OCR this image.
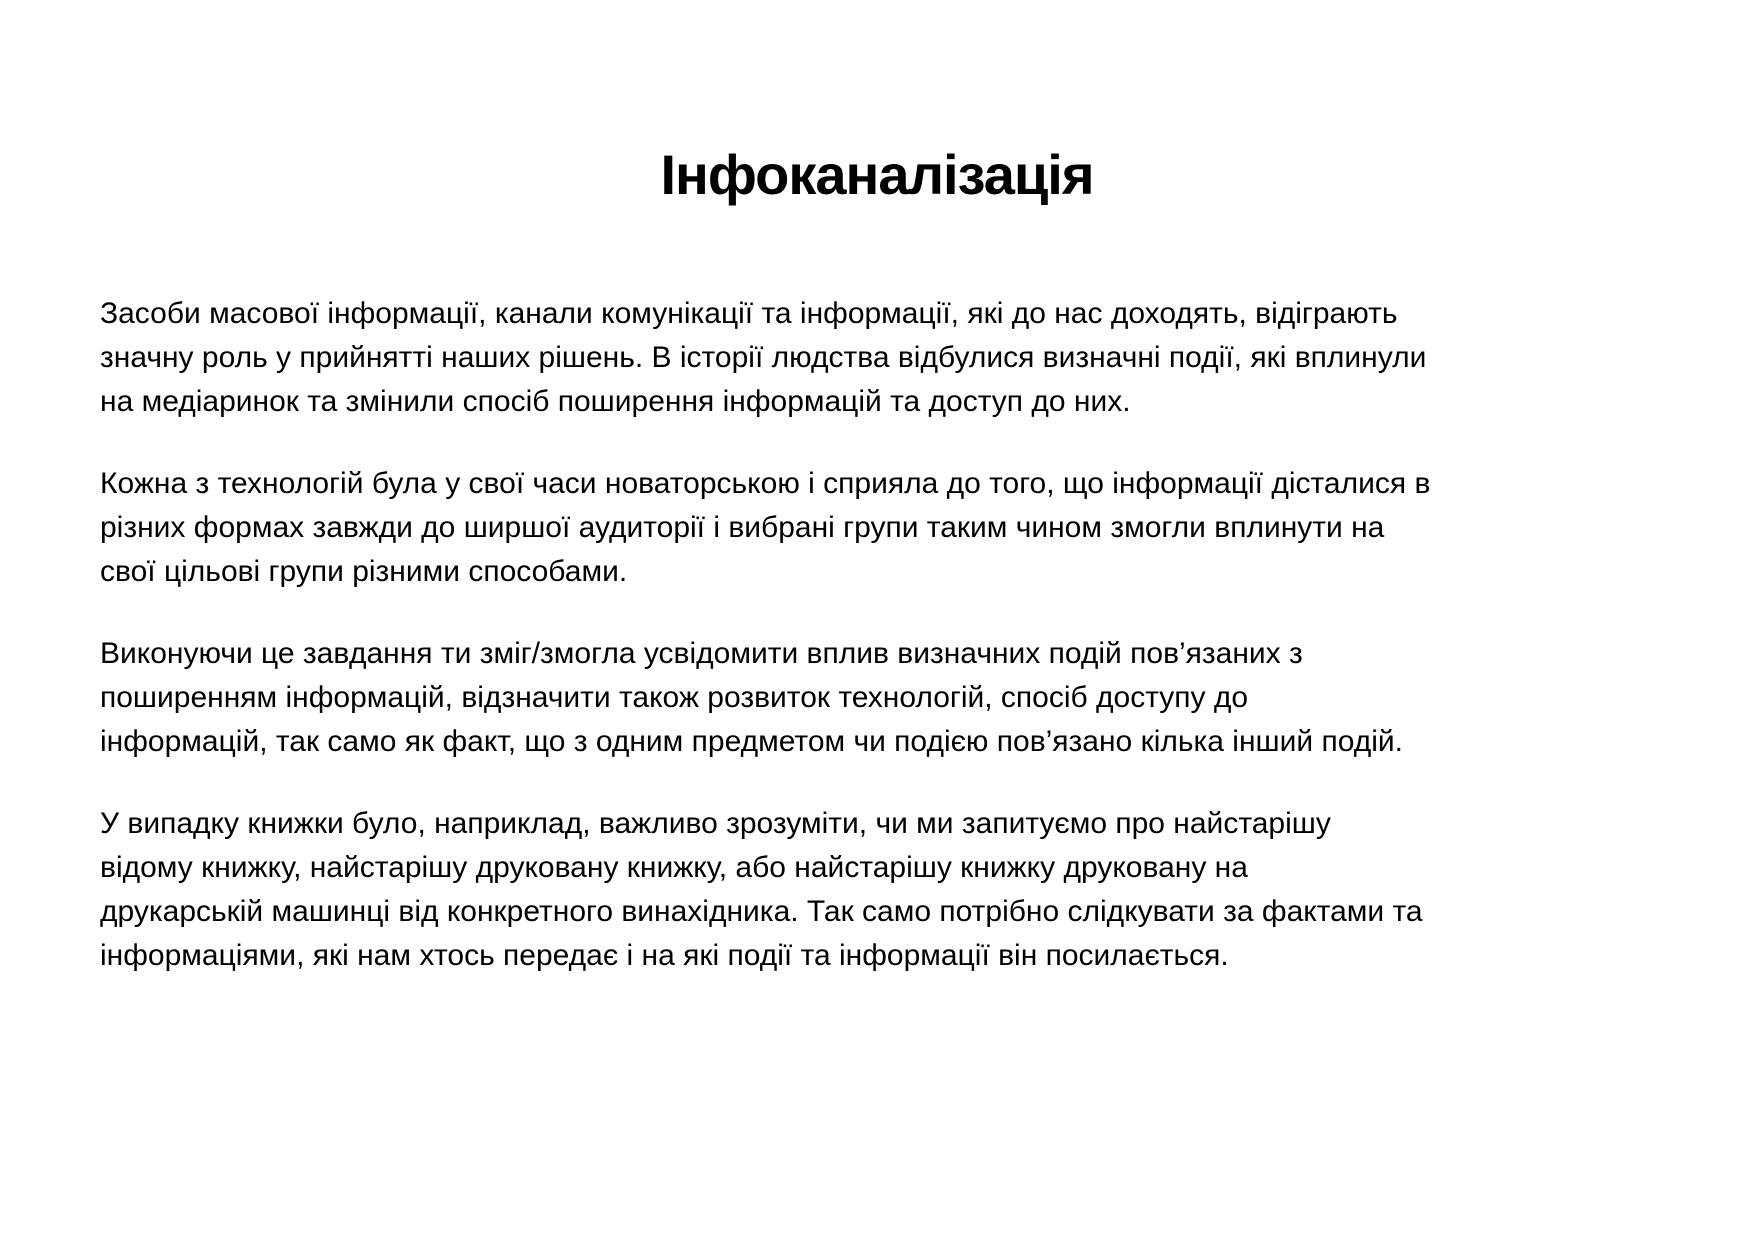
Інфоканалізація

Засоби масової інформації, канали комунікації та інформації, які до нас доходять, відіграють
значну роль у прийнятті наших рішень. В історії людства відбулися визначні події, які вплинули
на медіаринок та змінили спосіб поширення інформацій та доступ до них.

Кожна з технологій була у свої часи новаторською і сприяла до того, що інформації дісталися в
різних формах завжди до ширшої аудиторії і вибрані групи таким чином змогли вплинути на
свої цільові групи різними способами.

Виконуючи це завдання ти зміг/змогла усвідомити вплив визначних подій пов’язаних з
поширенням інформацій, відзначити також розвиток технологій, спосіб доступу до
інформацій, так само як факт, що з одним предметом чи подією пов’язано кілька інший подій.

У випадку книжки було, наприклад, важливо зрозуміти, чи ми запитуємо про найстарішу
відому книжку, найстарішу друковану книжку, або найстарішу книжку друковану на
друкарській машинці від конкретного винахідника. Так само потрібно слідкувати за фактами та
інформаціями, які нам хтось передає і на які події та інформації він посилається.
